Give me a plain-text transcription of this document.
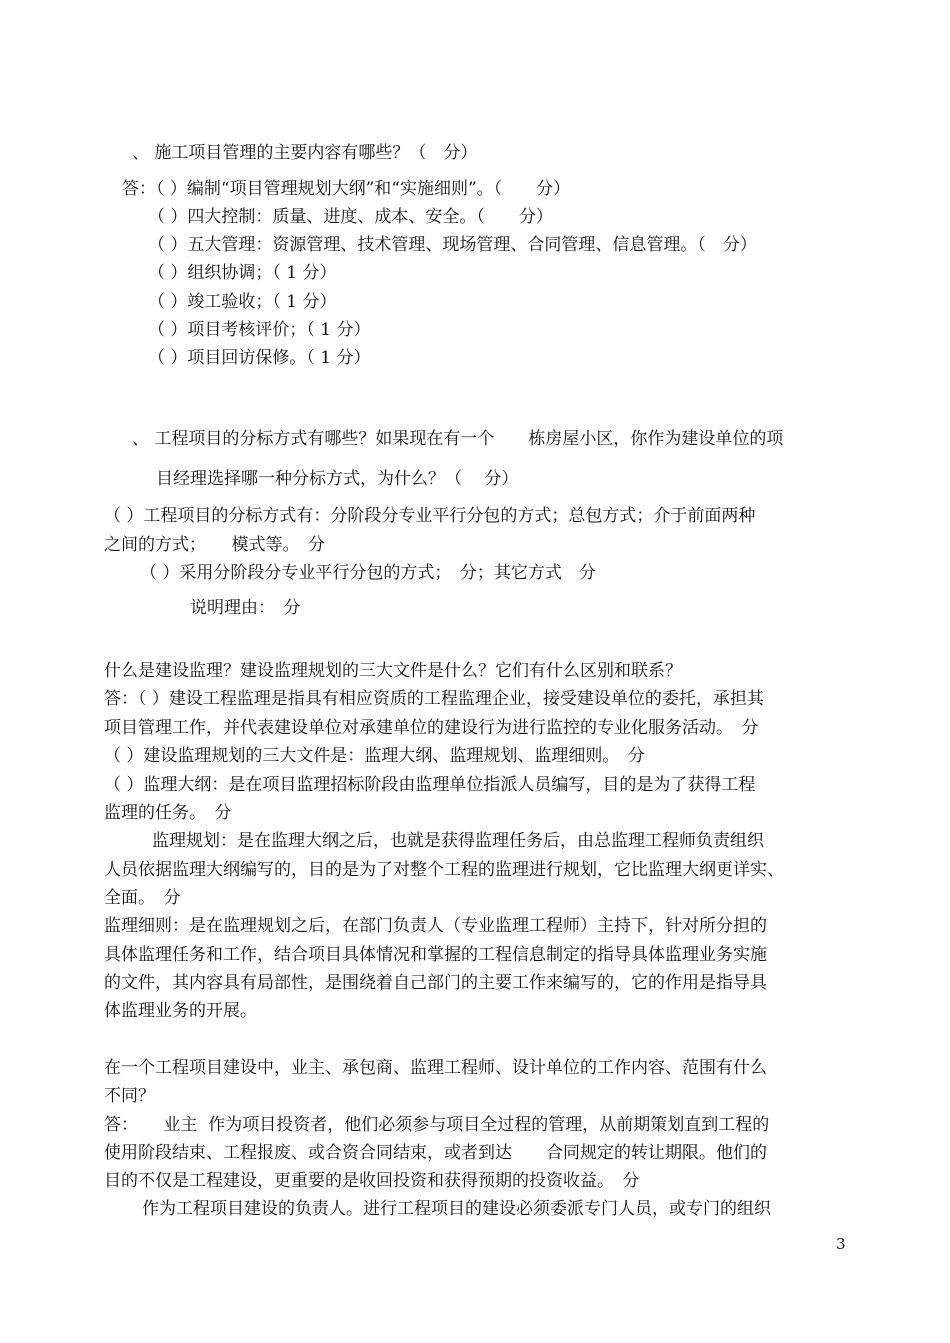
、 施工项目管理的主要内容有哪些？（　分）
答：（ ）编制“项目管理规划大纲”和“实施细则”。（　　分）
（ ）四大控制：质量、进度、成本、安全。（　　分）
（ ）五大管理：资源管理、技术管理、现场管理、合同管理、信息管理。（　分）
（ ）组织协调；（ 1 分）
（ ）竣工验收；（ 1 分）
（ ）项目考核评价；（ 1 分）
（ ）项目回访保修。（ 1 分）
、 工程项目的分标方式有哪些？如果现在有一个　　栋房屋小区，你作为建设单位的项
目经理选择哪一种分标方式，为什么？（　 分）
（ ）工程项目的分标方式有：分阶段分专业平行分包的方式；总包方式；介于前面两种
之间的方式；　　模式等。　分
（ ）采用分阶段分专业平行分包的方式；　分；其它方式　分
说明理由：　分
什么是建设监理？建设监理规划的三大文件是什么？它们有什么区别和联系？
答：（ ）建设工程监理是指具有相应资质的工程监理企业，接受建设单位的委托，承担其
项目管理工作，并代表建设单位对承建单位的建设行为进行监控的专业化服务活动。　分
（ ）建设监理规划的三大文件是：监理大纲、监理规划、监理细则。　分
（ ）监理大纲：是在项目监理招标阶段由监理单位指派人员编写，目的是为了获得工程
监理的任务。　分
监理规划：是在监理大纲之后，也就是获得监理任务后，由总监理工程师负责组织
人员依据监理大纲编写的，目的是为了对整个工程的监理进行规划，它比监理大纲更详实、
全面。　分
监理细则：是在监理规划之后，在部门负责人（专业监理工程师）主持下，针对所分担的
具体监理任务和工作，结合项目具体情况和掌握的工程信息制定的指导具体监理业务实施
的文件，其内容具有局部性，是围绕着自己部门的主要工作来编写的，它的作用是指导具
体监理业务的开展。
在一个工程项目建设中，业主、承包商、监理工程师、设计单位的工作内容、范围有什么
不同？
答：　　业主  作为项目投资者，他们必须参与项目全过程的管理，从前期策划直到工程的
使用阶段结束、工程报废、或合资合同结束，或者到达　　合同规定的转让期限。他们的
目的不仅是工程建设，更重要的是收回投资和获得预期的投资收益。　分
作为工程项目建设的负责人。进行工程项目的建设必须委派专门人员，或专门的组织
3
